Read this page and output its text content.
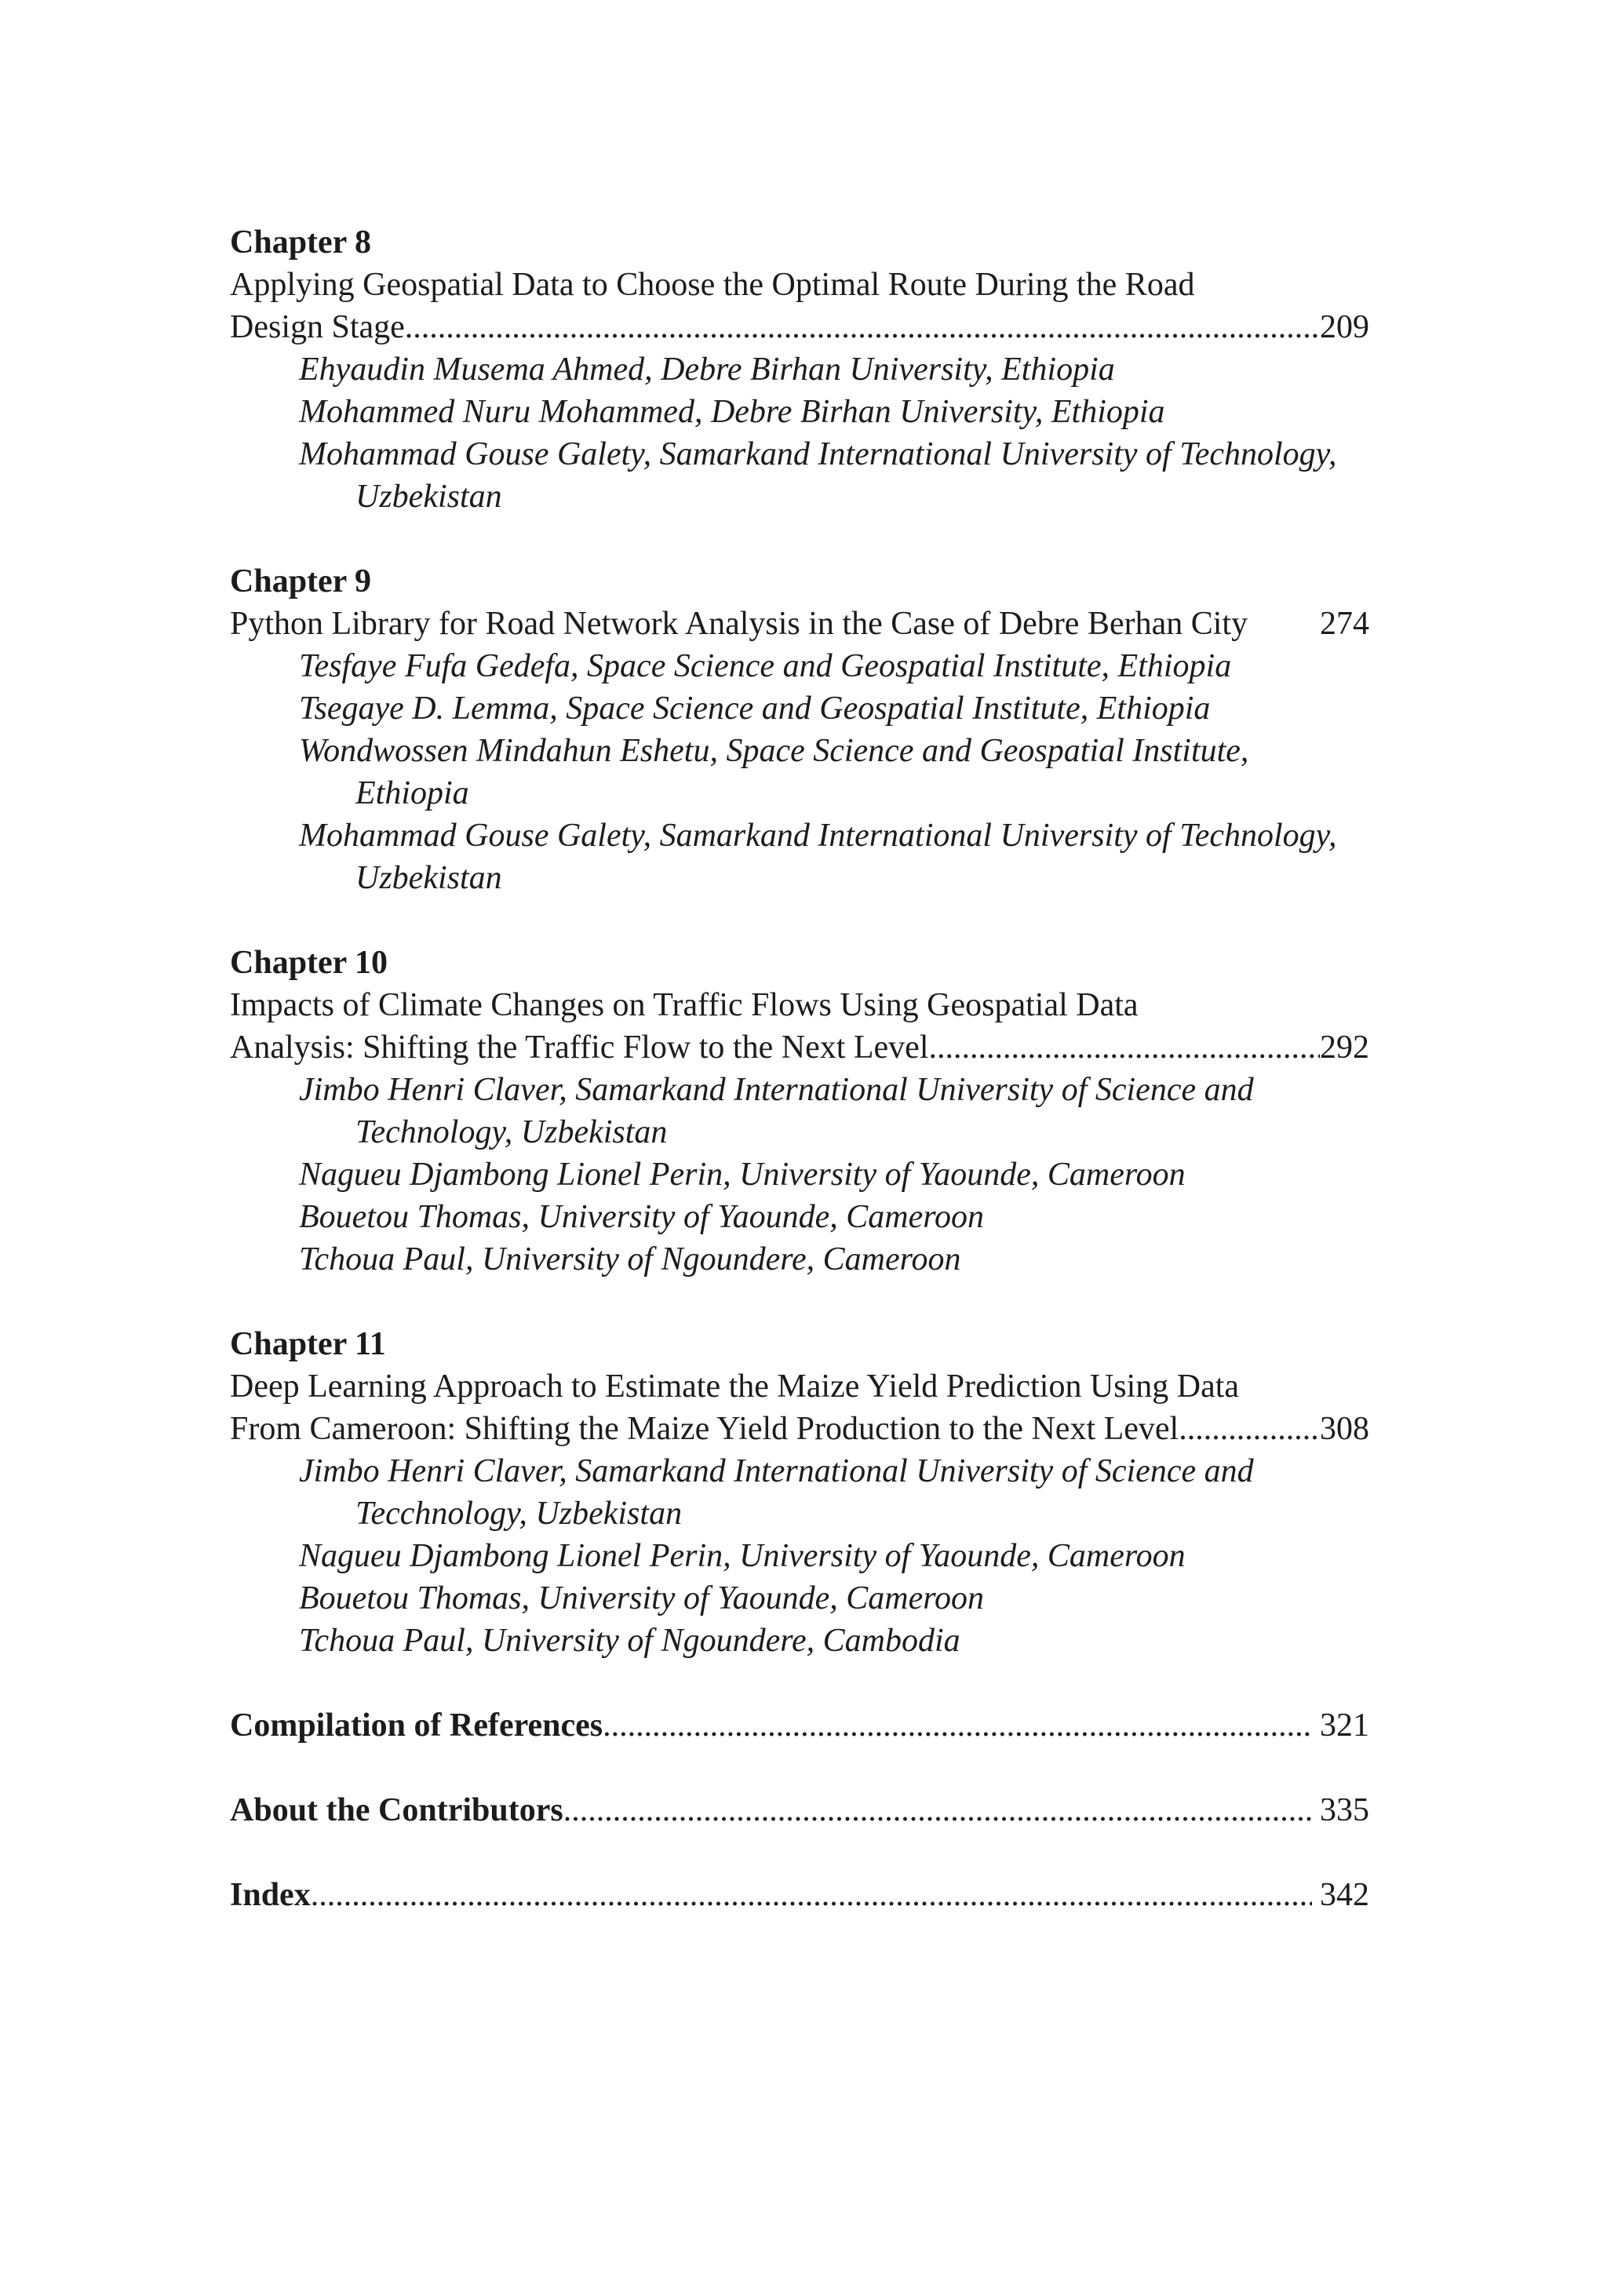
Chapter 8
Applying Geospatial Data to Choose the Optimal Route During the Road
Design Stage .....	209
Ehyaudin Musema Ahmed, Debre Birhan University, Ethiopia
Mohammed Nuru Mohammed, Debre Birhan University, Ethiopia
Mohammad Gouse Galety, Samarkand International University of Technology, Uzbekistan
Chapter 9
Python Library for Road Network Analysis in the Case of Debre Berhan City 274
Tesfaye Fufa Gedefa, Space Science and Geospatial Institute, Ethiopia
Tsegaye D. Lemma, Space Science and Geospatial Institute, Ethiopia
Wondwossen Mindahun Eshetu, Space Science and Geospatial Institute, Ethiopia
Mohammad Gouse Galety, Samarkand International University of Technology, Uzbekistan
Chapter 10
Impacts of Climate Changes on Traffic Flows Using Geospatial Data
Analysis: Shifting the Traffic Flow to the Next Level .....	292
Jimbo Henri Claver, Samarkand International University of Science and Technology, Uzbekistan
Nagueu Djambong Lionel Perin, University of Yaounde, Cameroon
Bouetou Thomas, University of Yaounde, Cameroon
Tchoua Paul, University of Ngoundere, Cameroon
Chapter 11
Deep Learning Approach to Estimate the Maize Yield Prediction Using Data
From Cameroon: Shifting the Maize Yield Production to the Next Level .....	308
Jimbo Henri Claver, Samarkand International University of Science and Tecchnology, Uzbekistan
Nagueu Djambong Lionel Perin, University of Yaounde, Cameroon
Bouetou Thomas, University of Yaounde, Cameroon
Tchoua Paul, University of Ngoundere, Cambodia
Compilation of References .....	321
About the Contributors .....	335
Index .....	342
